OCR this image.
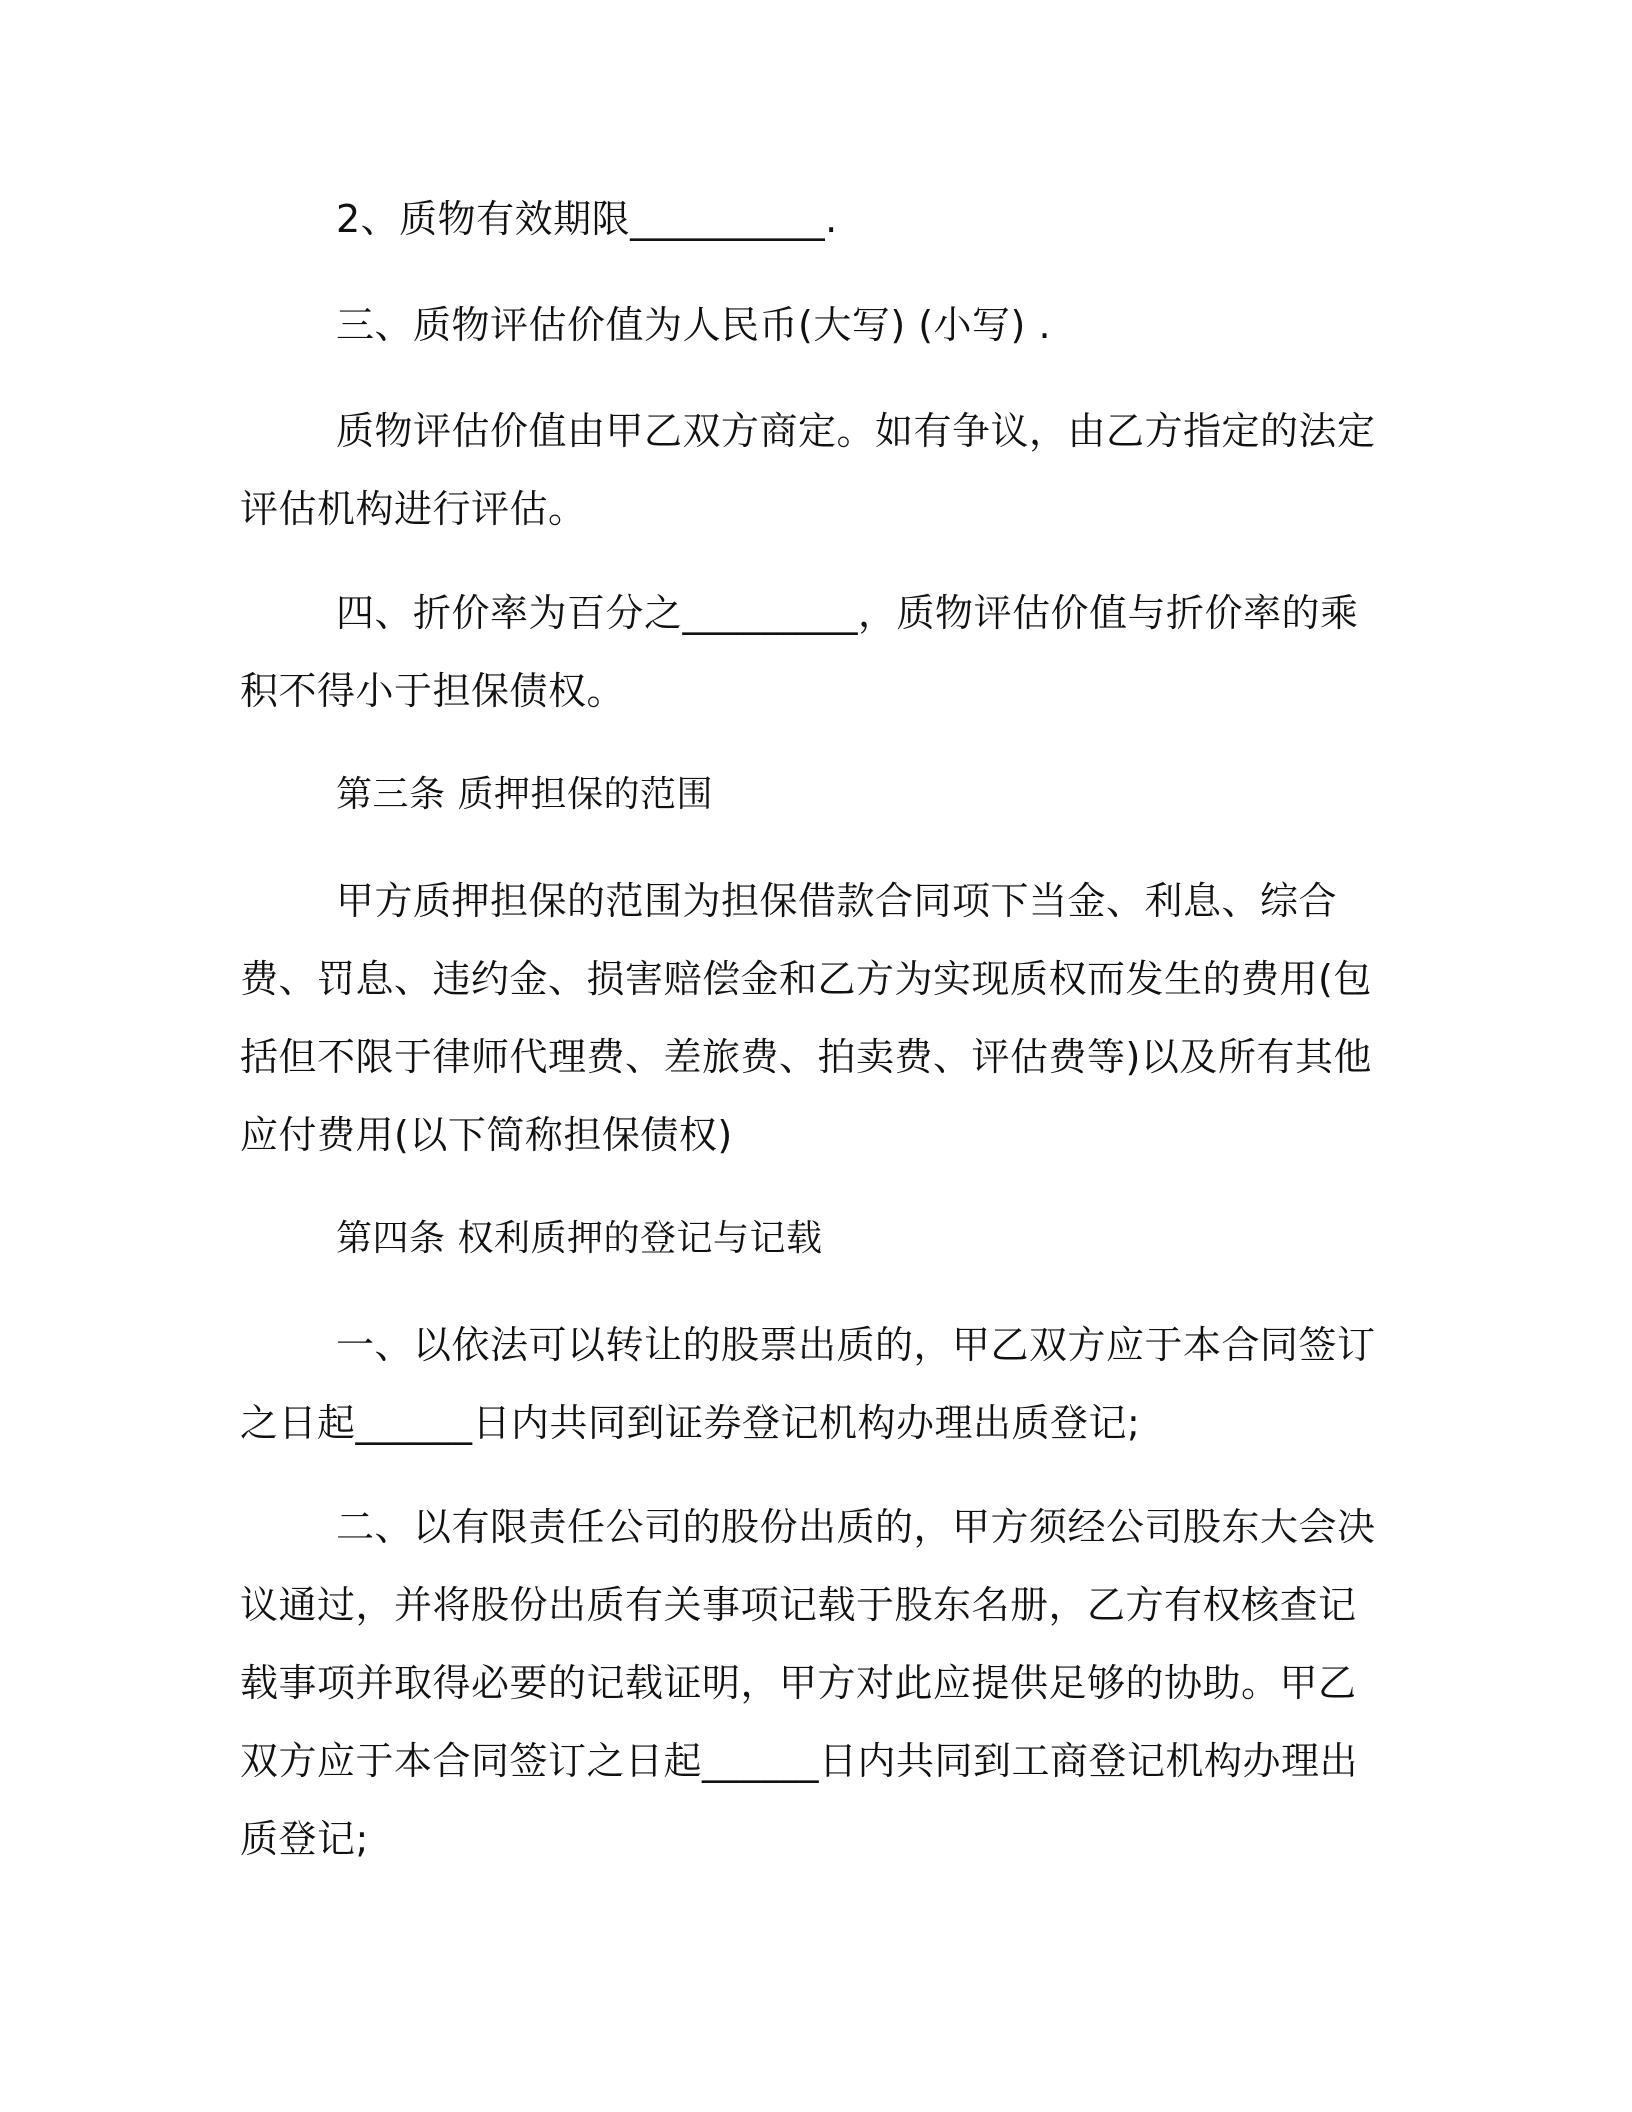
2、质物有效期限__________.

三、质物评估价值为人民币(大写) (小写) .

质物评估价值由甲乙双方商定。如有争议，由乙方指定的法定评估机构进行评估。

四、折价率为百分之_________，质物评估价值与折价率的乘积不得小于担保债权。

第三条 质押担保的范围

甲方质押担保的范围为担保借款合同项下当金、利息、综合费、罚息、违约金、损害赔偿金和乙方为实现质权而发生的费用(包括但不限于律师代理费、差旅费、拍卖费、评估费等)以及所有其他应付费用(以下简称担保债权)

第四条 权利质押的登记与记载

一、以依法可以转让的股票出质的，甲乙双方应于本合同签订之日起______日内共同到证券登记机构办理出质登记;

二、以有限责任公司的股份出质的，甲方须经公司股东大会决议通过，并将股份出质有关事项记载于股东名册，乙方有权核查记载事项并取得必要的记载证明，甲方对此应提供足够的协助。甲乙双方应于本合同签订之日起______日内共同到工商登记机构办理出质登记;
